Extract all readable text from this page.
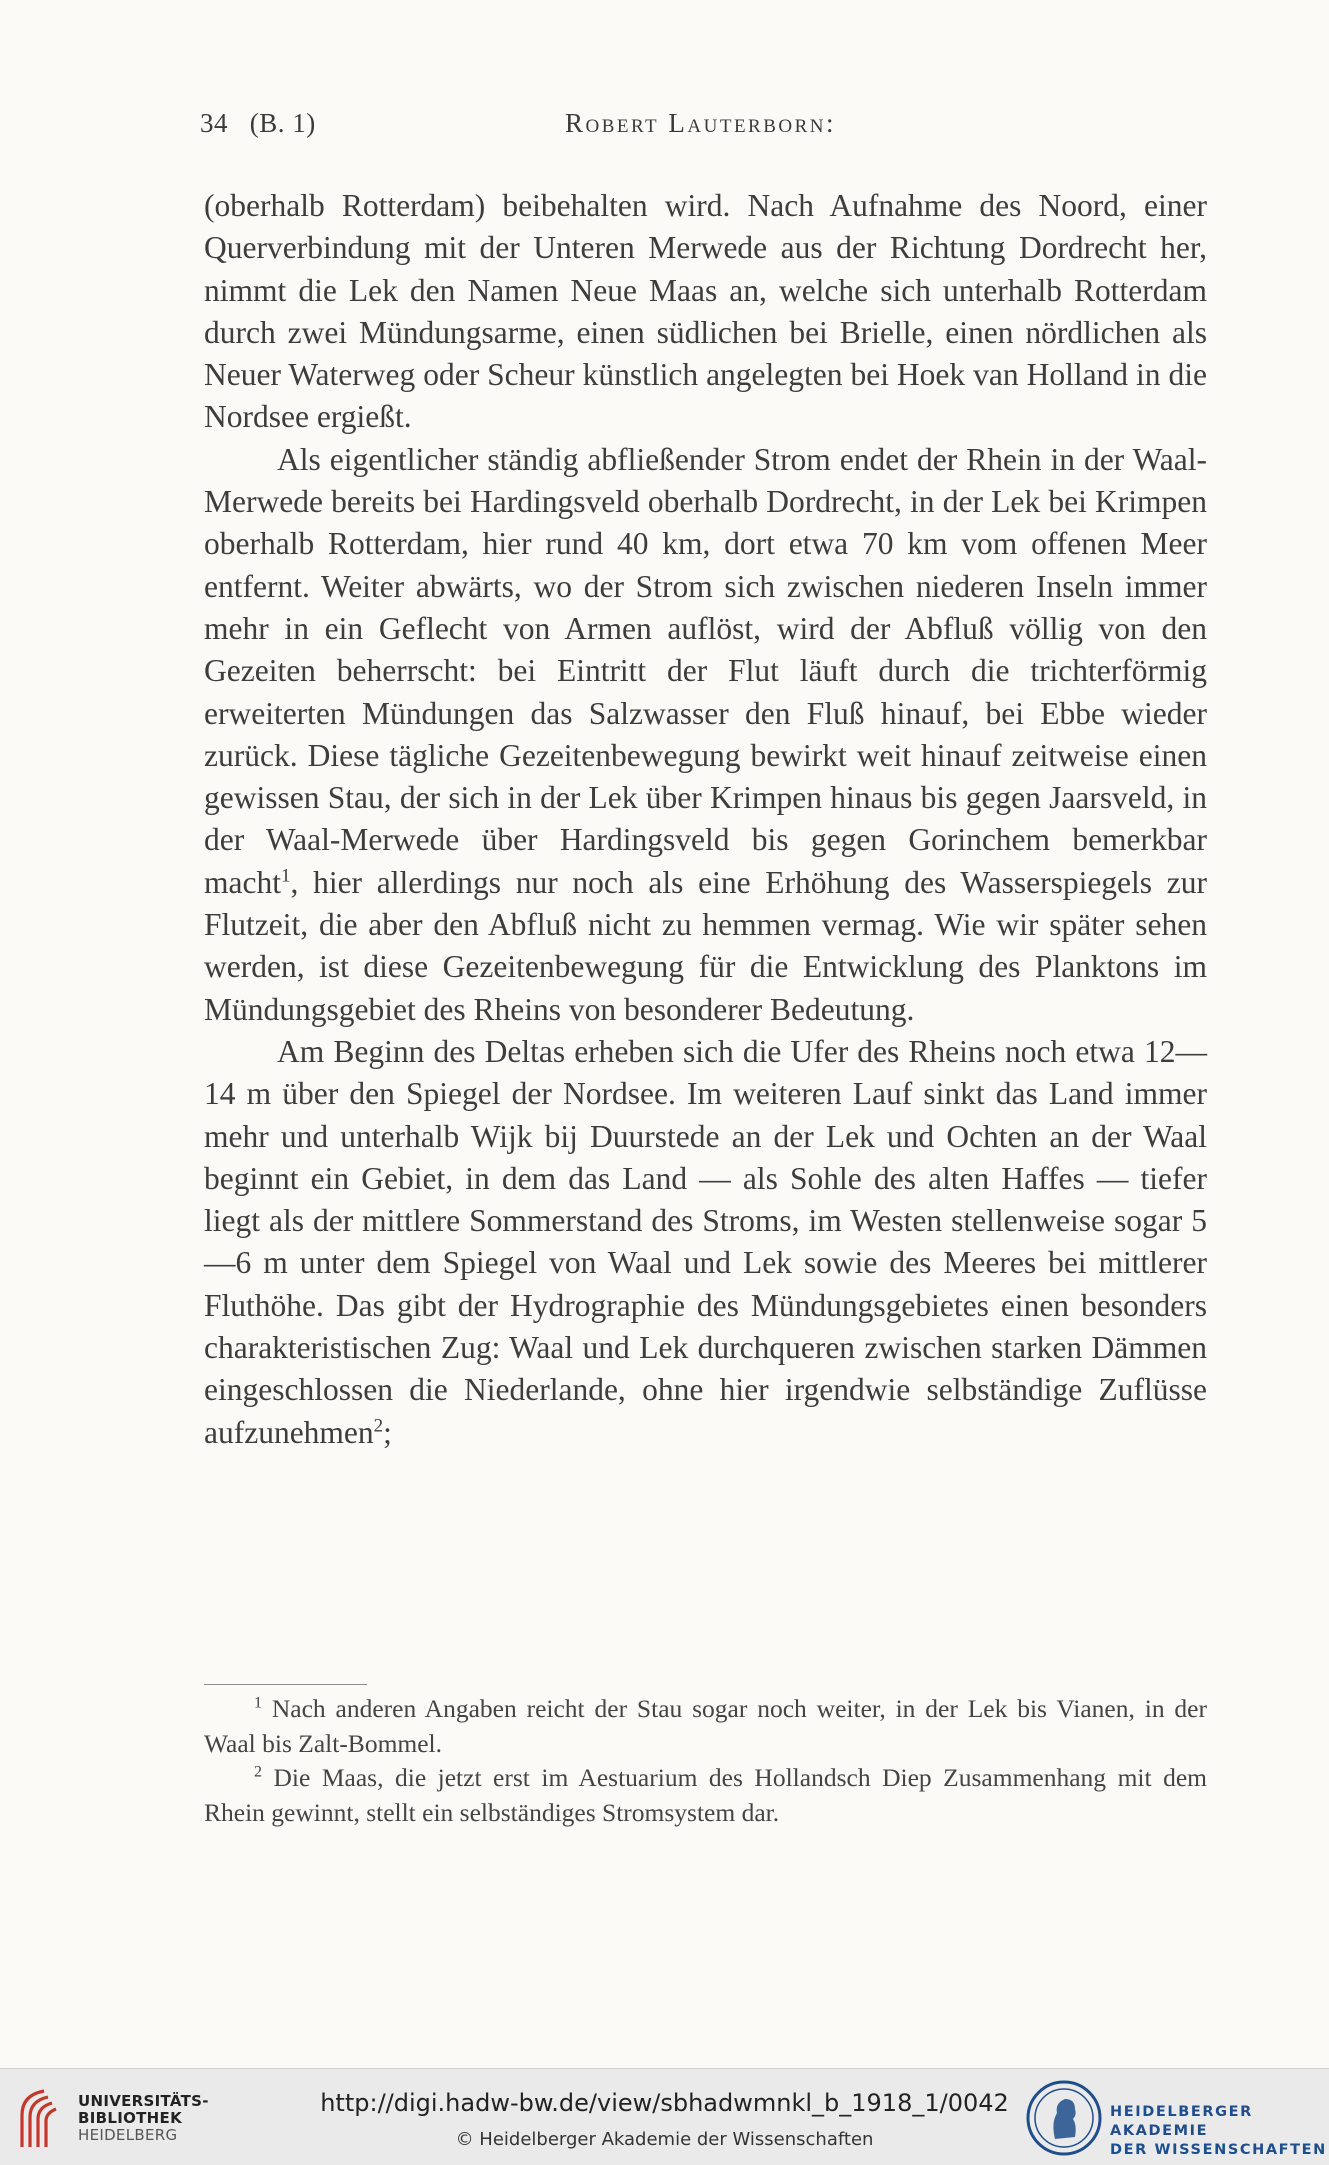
34 (B. 1)	Robert Lauterborn:

(oberhalb Rotterdam) beibehalten wird. Nach Aufnahme des Noord, einer Querverbindung mit der Unteren Merwede aus der Richtung Dordrecht her, nimmt die Lek den Namen Neue Maas an, welche sich unterhalb Rotterdam durch zwei Mündungsarme, einen südlichen bei Brielle, einen nördlichen als Neuer Waterweg oder Scheur künstlich angelegten bei Hoek van Holland in die Nordsee ergießt.

Als eigentlicher ständig abfließender Strom endet der Rhein in der Waal-Merwede bereits bei Hardingsveld oberhalb Dordrecht, in der Lek bei Krimpen oberhalb Rotterdam, hier rund 40 km, dort etwa 70 km vom offenen Meer entfernt. Weiter abwärts, wo der Strom sich zwischen niederen Inseln immer mehr in ein Geflecht von Armen auflöst, wird der Abfluß völlig von den Gezeiten beherrscht: bei Eintritt der Flut läuft durch die trichterförmig erweiterten Mündungen das Salzwasser den Fluß hinauf, bei Ebbe wieder zurück. Diese tägliche Gezeitenbewegung bewirkt weit hinauf zeitweise einen gewissen Stau, der sich in der Lek über Krimpen hinaus bis gegen Jaarsveld, in der Waal-Merwede über Hardingsveld bis gegen Gorinchem bemerkbar macht$^1$, hier allerdings nur noch als eine Erhöhung des Wasserspiegels zur Flutzeit, die aber den Abfluß nicht zu hemmen vermag. Wie wir später sehen werden, ist diese Gezeitenbewegung für die Entwicklung des Planktons im Mündungsgebiet des Rheins von besonderer Bedeutung.

Am Beginn des Deltas erheben sich die Ufer des Rheins noch etwa 12—14 m über den Spiegel der Nordsee. Im weiteren Lauf sinkt das Land immer mehr und unterhalb Wijk bij Duurstede an der Lek und Ochten an der Waal beginnt ein Gebiet, in dem das Land — als Sohle des alten Haffes — tiefer liegt als der mittlere Sommerstand des Stroms, im Westen stellenweise sogar 5—6 m unter dem Spiegel von Waal und Lek sowie des Meeres bei mittlerer Fluthöhe. Das gibt der Hydrographie des Mündungsgebietes einen besonders charakteristischen Zug: Waal und Lek durchqueren zwischen starken Dämmen eingeschlossen die Niederlande, ohne hier irgendwie selbständige Zuflüsse aufzunehmen$^2$;

$^1$ Nach anderen Angaben reicht der Stau sogar noch weiter, in der Lek bis Vianen, in der Waal bis Zalt-Bommel.

$^2$ Die Maas, die jetzt erst im Aestuarium des Hollandsch Diep Zusammenhang mit dem Rhein gewinnt, stellt ein selbständiges Stromsystem dar.

UNIVERSITÄTS-
BIBLIOTHEK
HEIDELBERG
http://digi.hadw-bw.de/view/sbhadwmnkl_b_1918_1/0042
© Heidelberger Akademie der Wissenschaften
HEIDELBERGER AKADEMIE
DER WISSENSCHAFTEN
